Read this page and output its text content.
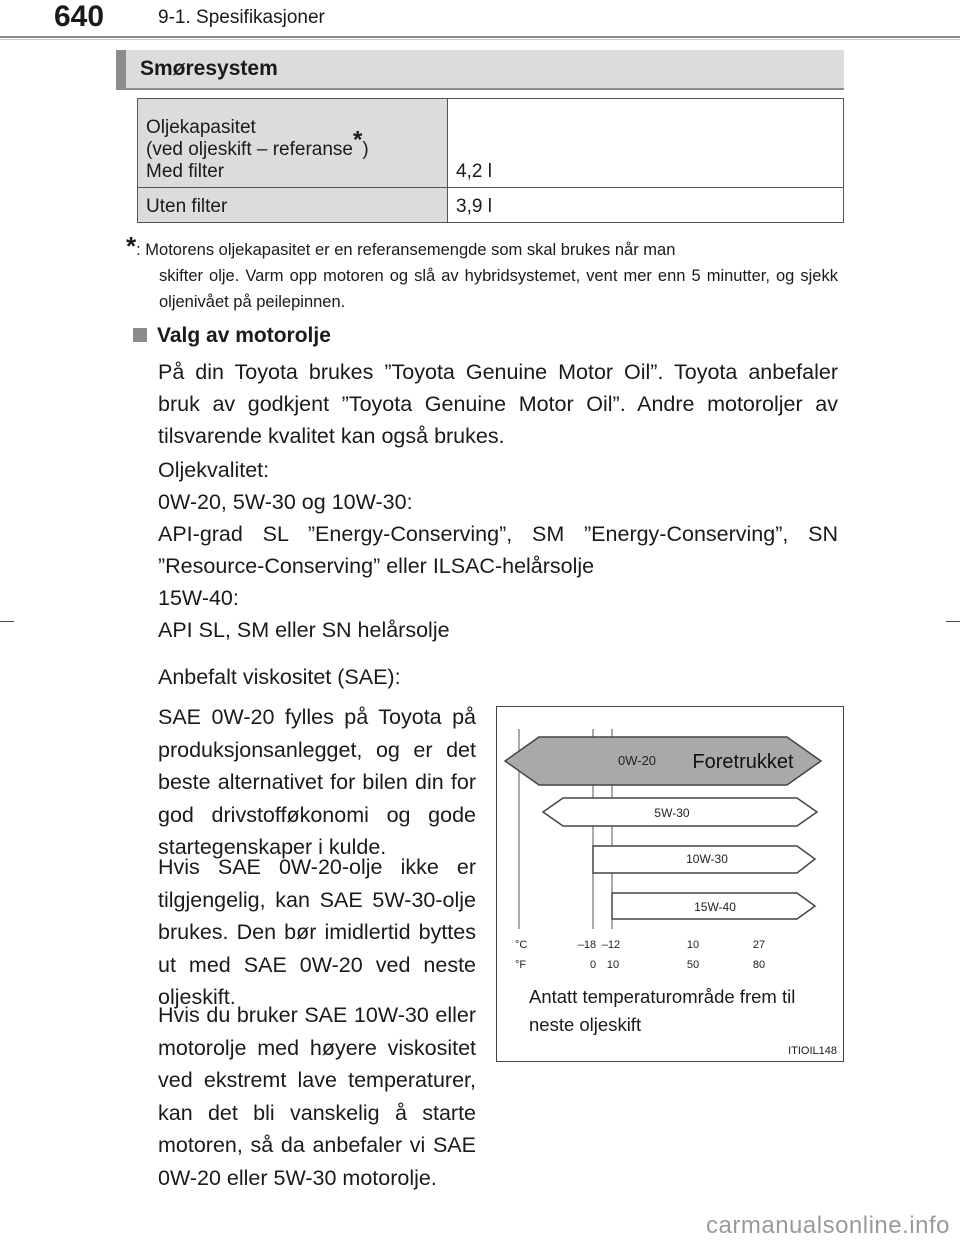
640	9-1. Spesifikasjoner
Smøresystem
Oljekapasitet
(ved oljeskift – referanse*)
Med filter	4,2 l
Uten filter	3,9 l
*: Motorens oljekapasitet er en referansemengde som skal brukes når man
skifter olje. Varm opp motoren og slå av hybridsystemet, vent mer enn 5 minutter, og sjekk oljenivået på peilepinnen.
Valg av motorolje
På din Toyota brukes ”Toyota Genuine Motor Oil”. Toyota anbefaler bruk av godkjent ”Toyota Genuine Motor Oil”. Andre motoroljer av tilsvarende kvalitet kan også brukes.
Oljekvalitet:
0W-20, 5W-30 og 10W-30:
API-grad SL ”Energy-Conserving”, SM ”Energy-Conserving”, SN ”Resource-Conserving” eller ILSAC-helårsolje
15W-40:
API SL, SM eller SN helårsolje
Anbefalt viskositet (SAE):
SAE 0W-20 fylles på Toyota på produksjonsanlegget, og er det beste alternativet for bilen din for god drivstofføkonomi og gode startegenskaper i kulde.
Hvis SAE 0W-20-olje ikke er tilgjengelig, kan SAE 5W-30-olje brukes. Den bør imidlertid byttes ut med SAE 0W-20 ved neste oljeskift.
Hvis du bruker SAE 10W-30 eller motorolje med høyere viskositet ved ekstremt lave temperaturer, kan det bli vanskelig å starte motoren, så da anbefaler vi SAE 0W-20 eller 5W-30 motorolje.
0W-20 Foretrukket
5W-30
10W-30
15W-40
°C
°F
–18 –12	10	27
0 10	50	80
Antatt temperaturområde frem til neste oljeskift
ITIOIL148
carmanualsonline.info
